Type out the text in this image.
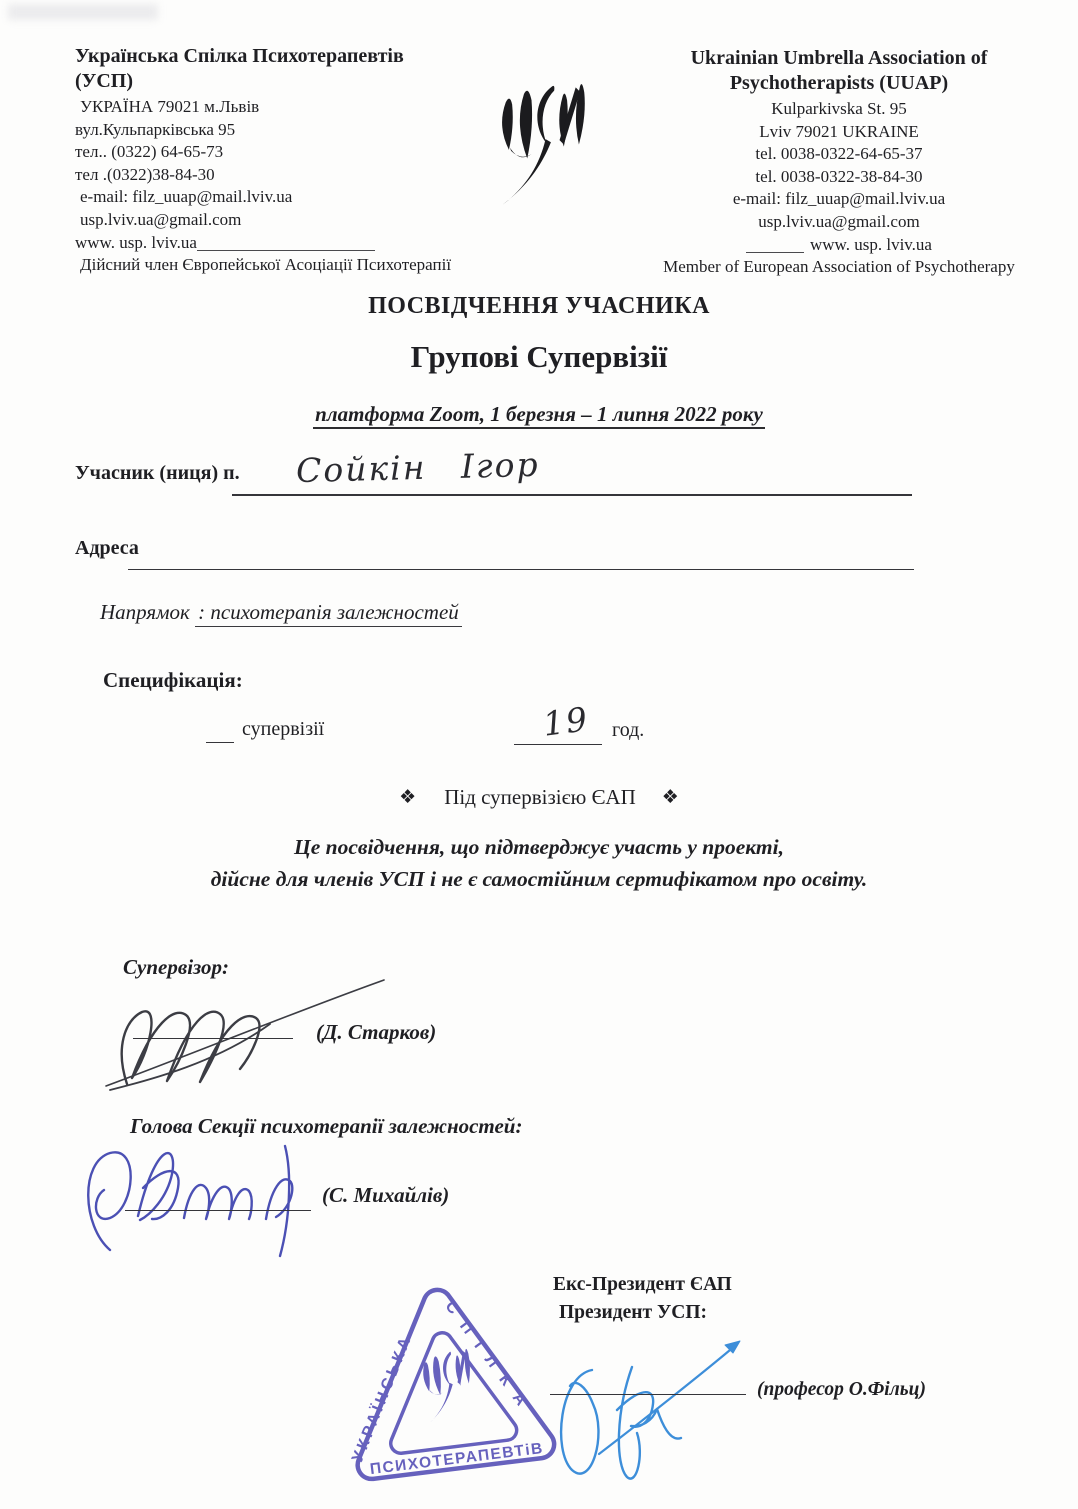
Українська Спілка Психотерапевтів
(УСП)
УКРАЇНА 79021 м.Львів
вул.Кульпарківська 95
тел.. (0322) 64-65-73
тел .(0322)38-84-30
e-mail: filz_uuap@mail.lviv.ua
usp.lviv.ua@gmail.com
www. usp. lviv.ua
Дійсний член Європейської Асоціації Психотерапії
Ukrainian Umbrella Association of
Psychotherapists (UUAP)
Kulparkivska St. 95
Lviv 79021 UKRAINE
tel. 0038-0322-64-65-37
tel. 0038-0322-38-84-30
e-mail: filz_uuap@mail.lviv.ua
usp.lviv.ua@gmail.com
www. usp. lviv.ua
Member of European Association of Psychotherapy
ПОСВІДЧЕННЯ УЧАСНИКА
Групові Супервізії
платформа Zoom, 1 березня – 1 липня 2022 року
Учасник (ниця) п. Сойкін Ігор
Адреса
Напрямок : психотерапія залежностей
Специфікація:
супервізії	19 год.
❖ Під супервізією ЄАП ❖
Це посвідчення, що підтверджує участь у проекті,
дійсне для членів УСП і не є самостійним сертифікатом про освіту.
Супервізор:
(Д. Старков)
Голова Секції психотерапії залежностей:
(С. Михайлів)
Екс-Президент ЄАП
Президент УСП:
(професор О.Фільц)
УКРАЇНСЬКА
СПІЛКА
ПСИХОТЕРАПЕВТіВ
